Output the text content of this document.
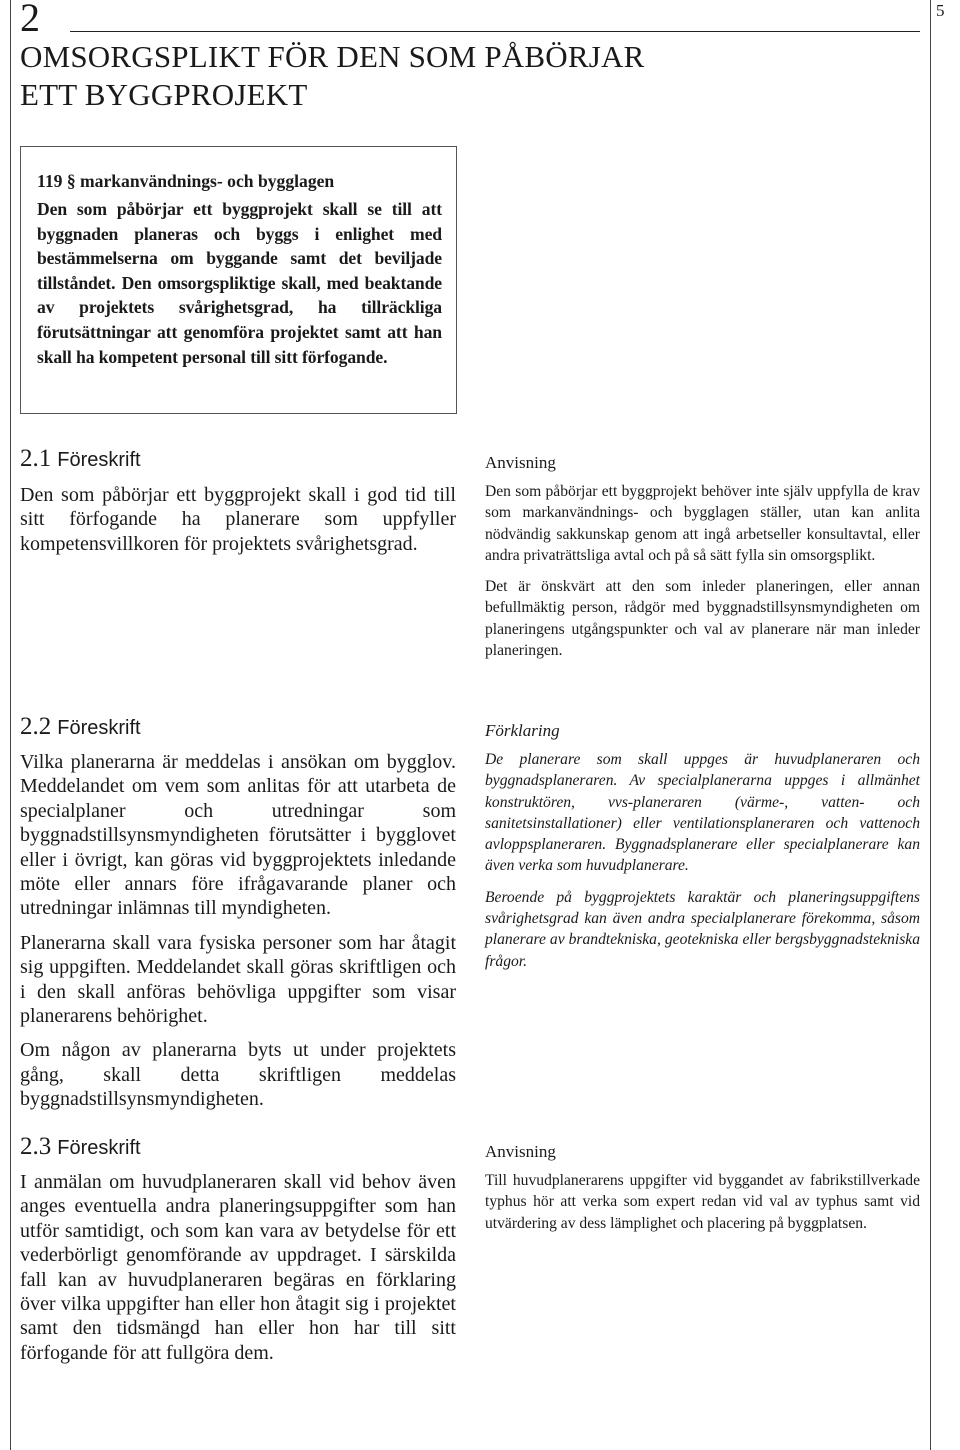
2	5
OMSORGSPLIKT FÖR DEN SOM PÅBÖRJAR
ETT BYGGPROJEKT
119 § markanvändnings- och bygglagen

Den som påbörjar ett byggprojekt skall se till att byggnaden planeras och byggs i enlighet med bestämmelserna om byggande samt det beviljade tillståndet. Den omsorgspliktige skall, med beaktande av projektets svårighetsgrad, ha tillräckliga förutsättningar att genomföra projektet samt att han skall ha kompetent personal till sitt förfogande.

2.1 Föreskrift

Den som påbörjar ett byggprojekt skall i god tid till sitt förfogande ha planerare som uppfyller kompetensvillkoren för projektets svårighetsgrad.

Anvisning

Den som påbörjar ett byggprojekt behöver inte själv uppfylla de krav som markanvändnings- och bygglagen ställer, utan kan anlita nödvändig sakkunskap genom att ingå arbetseller konsultavtal, eller andra privaträttsliga avtal och på så sätt fylla sin omsorgsplikt.

Det är önskvärt att den som inleder planeringen, eller annan befullmäktig person, rådgör med byggnadstillsynsmyndigheten om planeringens utgångspunkter och val av planerare när man inleder planeringen.

2.2 Föreskrift

Vilka planerarna är meddelas i ansökan om bygglov. Meddelandet om vem som anlitas för att utarbeta de specialplaner och utredningar som byggnadstillsynsmyndigheten förutsätter i bygglovet eller i övrigt, kan göras vid byggprojektets inledande möte eller annars före ifrågavarande planer och utredningar inlämnas till myndigheten.

Planerarna skall vara fysiska personer som har åtagit sig uppgiften. Meddelandet skall göras skriftligen och i den skall anföras behövliga uppgifter som visar planerarens behörighet.

Om någon av planerarna byts ut under projektets gång, skall detta skriftligen meddelas byggnadstillsynsmyndigheten.

Förklaring

De planerare som skall uppges är huvudplaneraren och byggnadsplaneraren. Av specialplanerarna uppges i allmänhet konstruktören, vvs-planeraren (värme-, vatten- och sanitetsinstallationer) eller ventilationsplaneraren och vattenoch avloppsplaneraren. Byggnadsplanerare eller specialplanerare kan även verka som huvudplanerare.

Beroende på byggprojektets karaktär och planeringsuppgiftens svårighetsgrad kan även andra specialplanerare förekomma, såsom planerare av brandtekniska, geotekniska eller bergsbyggnadstekniska frågor.

2.3 Föreskrift

I anmälan om huvudplaneraren skall vid behov även anges eventuella andra planeringsuppgifter som han utför samtidigt, och som kan vara av betydelse för ett vederbörligt genomförande av uppdraget. I särskilda fall kan av huvudplaneraren begäras en förklaring över vilka uppgifter han eller hon åtagit sig i projektet samt den tidsmängd han eller hon har till sitt förfogande för att fullgöra dem.

Anvisning

Till huvudplanerarens uppgifter vid byggandet av fabrikstillverkade typhus hör att verka som expert redan vid val av typhus samt vid utvärdering av dess lämplighet och placering på byggplatsen.
